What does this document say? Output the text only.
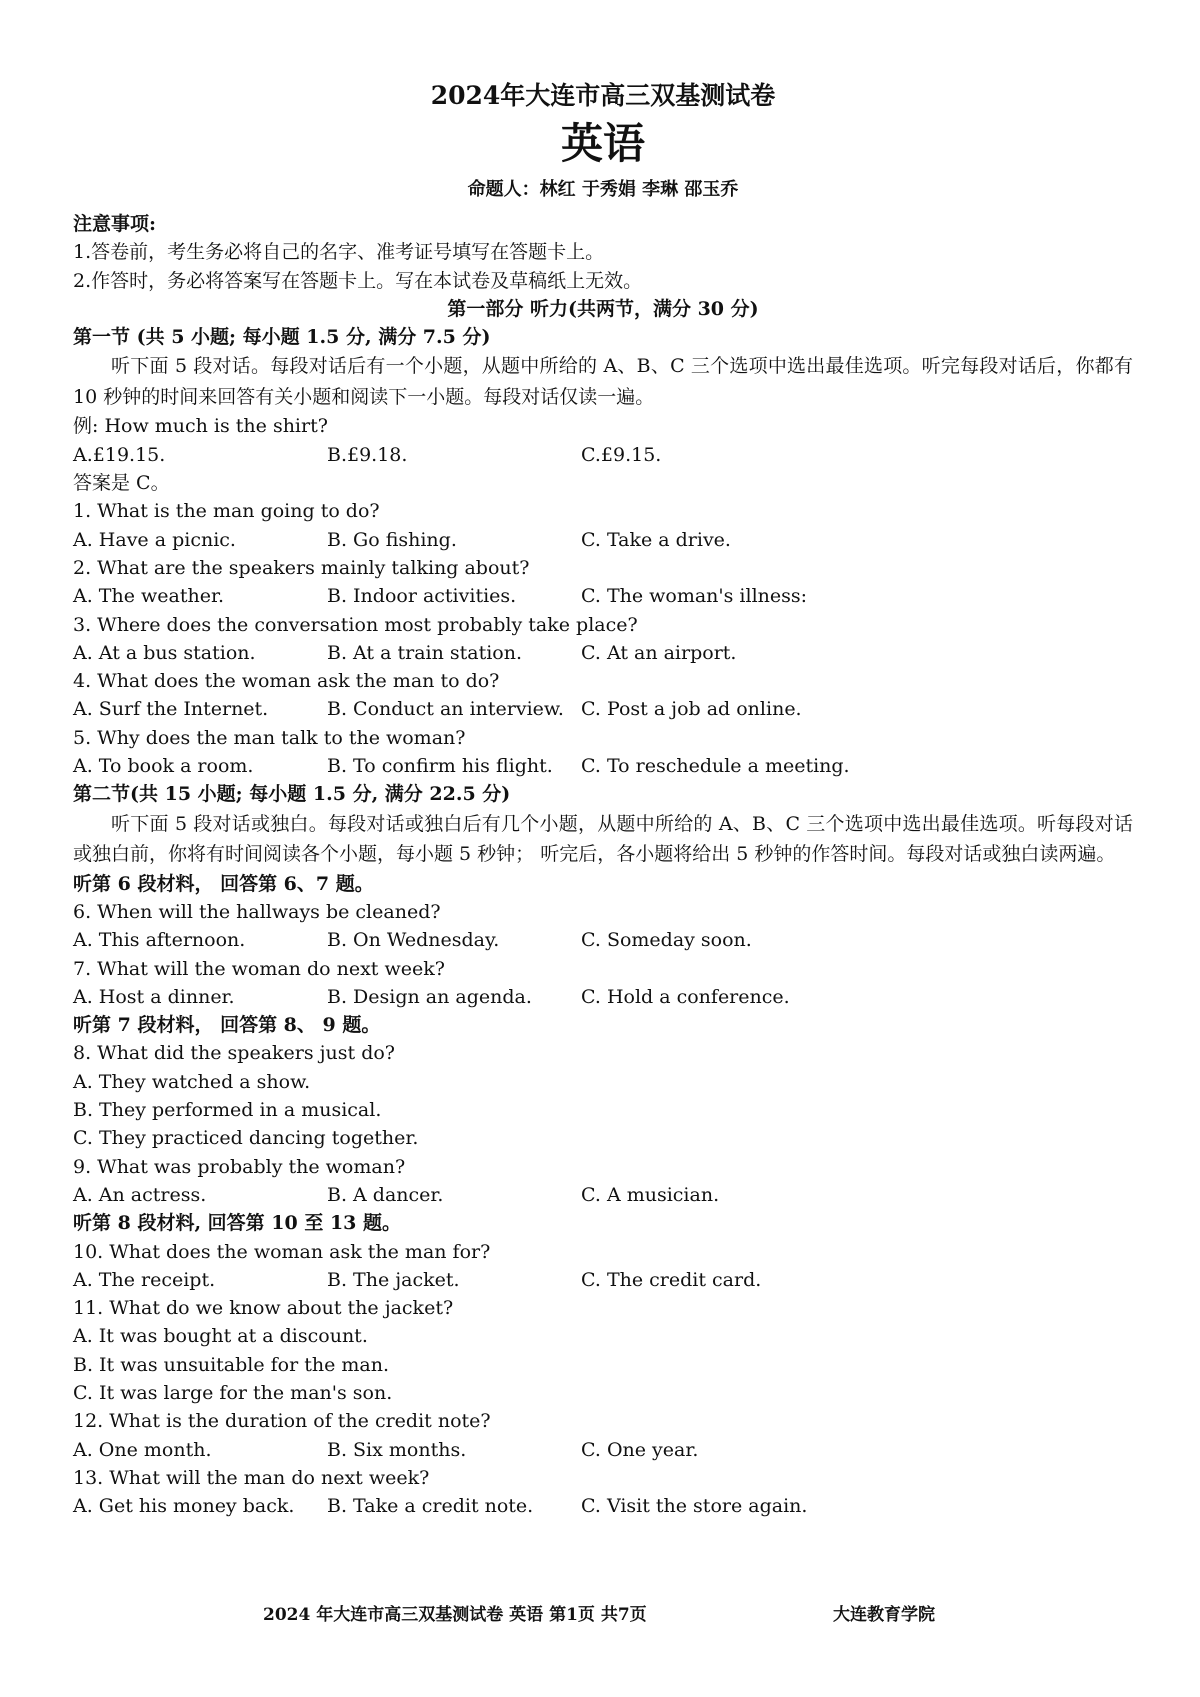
2024年大连市高三双基测试卷
英语
命题人：林红 于秀娟 李琳 邵玉乔
注意事项:
1.答卷前，考生务必将自己的名字、准考证号填写在答题卡上。
2.作答时，务必将答案写在答题卡上。写在本试卷及草稿纸上无效。
第一部分 听力(共两节，满分 30 分)
第一节 (共 5 小题; 每小题 1.5 分, 满分 7.5 分)
听下面 5 段对话。每段对话后有一个小题，从题中所给的 A、B、C 三个选项中选出最佳选项。听完每段对话后，你都有 10 秒钟的时间来回答有关小题和阅读下一小题。每段对话仅读一遍。
例: How much is the shirt?
A.£19.15.	B.£9.18.	C.£9.15.
答案是 C。
1. What is the man going to do?
A. Have a picnic.	B. Go fishing.	C. Take a drive.
2. What are the speakers mainly talking about?
A. The weather.	B. Indoor activities.	C. The woman's illness:
3. Where does the conversation most probably take place?
A. At a bus station.	B. At a train station.	C. At an airport.
4. What does the woman ask the man to do?
A. Surf the Internet.	B. Conduct an interview. C. Post a job ad online.
5. Why does the man talk to the woman?
A. To book a room.	B. To confirm his flight.	C. To reschedule a meeting.
第二节(共 15 小题; 每小题 1.5 分, 满分 22.5 分)
听下面 5 段对话或独白。每段对话或独白后有几个小题，从题中所给的 A、B、C 三个选项中选出最佳选项。听每段对话或独白前，你将有时间阅读各个小题，每小题 5 秒钟； 听完后，各小题将给出 5 秒钟的作答时间。每段对话或独白读两遍。
听第 6 段材料， 回答第 6、7 题。
6. When will the hallways be cleaned?
A. This afternoon.	B. On Wednesday.	C. Someday soon.
7. What will the woman do next week?
A. Host a dinner.	B. Design an agenda.	C. Hold a conference.
听第 7 段材料， 回答第 8、 9 题。
8. What did the speakers just do?
A. They watched a show.
B. They performed in a musical.
C. They practiced dancing together.
9. What was probably the woman?
A. An actress.	B. A dancer.	C. A musician.
听第 8 段材料, 回答第 10 至 13 题。
10. What does the woman ask the man for?
A. The receipt.	B. The jacket.	C. The credit card.
11. What do we know about the jacket?
A. It was bought at a discount.
B. It was unsuitable for the man.
C. It was large for the man's son.
12. What is the duration of the credit note?
A. One month.	B. Six months.	C. One year.
13. What will the man do next week?
A. Get his money back.	B. Take a credit note.	C. Visit the store again.
2024 年大连市高三双基测试卷 英语 第1页 共7页	大连教育学院
